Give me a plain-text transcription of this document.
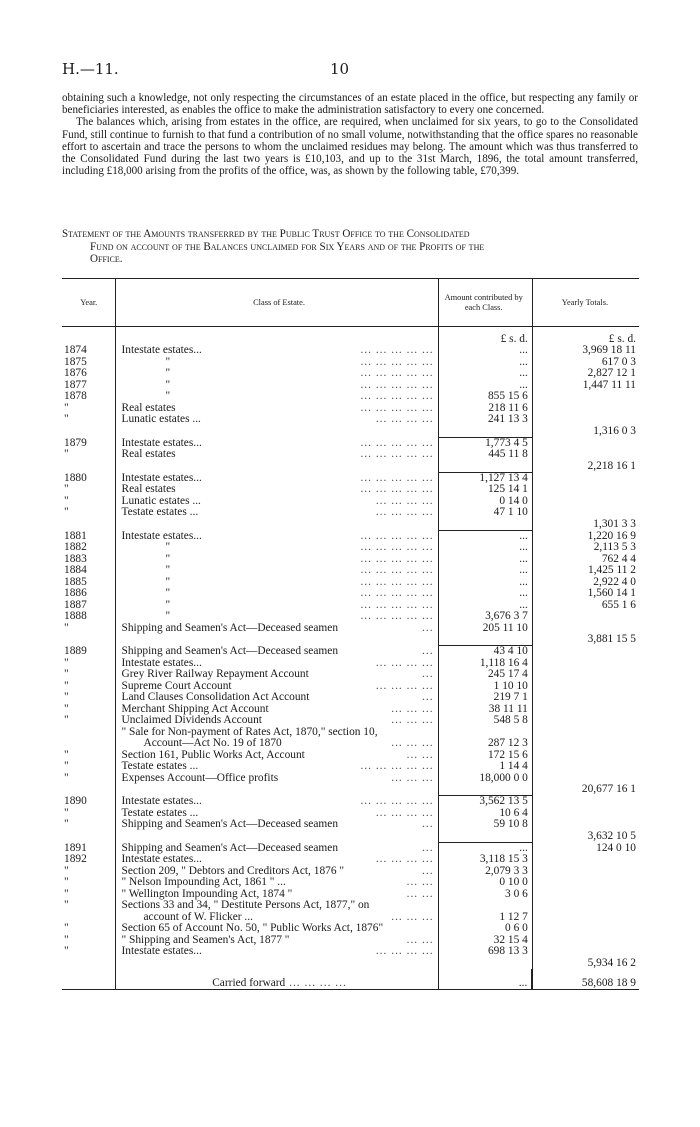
H.—11.	10

obtaining such a knowledge, not only respecting the circumstances of an estate placed in the office, but respecting any family or beneficiaries interested, as enables the office to make the administration satisfactory to every one concerned.

The balances which, arising from estates in the office, are required, when unclaimed for six years, to go to the Consolidated Fund, still continue to furnish to that fund a contribution of no small volume, notwithstanding that the office spares no reasonable effort to ascertain and trace the persons to whom the unclaimed residues may belong. The amount which was thus transferred to the Consolidated Fund during the last two years is £10,103, and up to the 31st March, 1896, the total amount transferred, including £18,000 arising from the profits of the office, was, as shown by the following table, £70,399.

Statement of the Amounts transferred by the Public Trust Office to the Consolidated
Fund on account of the Balances unclaimed for Six Years and of the Profits of the
Office.
Year.	Class of Estate.	Amount contributed by each Class.	Yearly Totals.
		£ s. d.	£ s. d.
1874	Intestate estates... ... ... ... ... ...	...	3,969 18 11
1875	" ... ... ... ... ...	...	617 0 3
1876	" ... ... ... ... ...	...	2,827 12 1
1877	" ... ... ... ... ...	...	1,447 11 11
1878	" ... ... ... ... ...	855 15 6	
"	Real estates ... ... ... ... ...	218 11 6	
"	Lunatic estates ... ... ... ... ...	241 13 3	
			1,316 0 3
1879	Intestate estates... ... ... ... ... ...	1,773 4 5	
"	Real estates ... ... ... ... ...	445 11 8	
			2,218 16 1
1880	Intestate estates... ... ... ... ... ...	1,127 13 4	
"	Real estates ... ... ... ... ...	125 14 1	
"	Lunatic estates ... ... ... ... ...	0 14 0	
"	Testate estates ... ... ... ... ...	47 1 10	
			1,301 3 3
1881	Intestate estates... ... ... ... ... ...	...	1,220 16 9
1882	" ... ... ... ... ...	...	2,113 5 3
1883	" ... ... ... ... ...	...	762 4 4
1884	" ... ... ... ... ...	...	1,425 11 2
1885	" ... ... ... ... ...	...	2,922 4 0
1886	" ... ... ... ... ...	...	1,560 14 1
1887	" ... ... ... ... ...	...	655 1 6
1888	" ... ... ... ... ...	3,676 3 7	
"	Shipping and Seamen's Act—Deceased seamen ...	205 11 10	
			3,881 15 5
1889	Shipping and Seamen's Act—Deceased seamen ...	43 4 10	
"	Intestate estates... ... ... ... ...	1,118 16 4	
"	Grey River Railway Repayment Account ...	245 17 4	
"	Supreme Court Account ... ... ... ...	1 10 10	
"	Land Clauses Consolidation Act Account ...	219 7 1	
"	Merchant Shipping Act Account ... ... ...	38 11 11	
"	Unclaimed Dividends Account ... ... ...	548 5 8	
	" Sale for Non-payment of Rates Act, 1870," section 10,		
	Account—Act No. 19 of 1870 ... ... ...	287 12 3	
"	Section 161, Public Works Act, Account ... ...	172 15 6	
"	Testate estates ... ... ... ... ... ...	1 14 4	
"	Expenses Account—Office profits ... ... ...	18,000 0 0	
			20,677 16 1
1890	Intestate estates... ... ... ... ... ...	3,562 13 5	
"	Testate estates ... ... ... ... ...	10 6 4	
"	Shipping and Seamen's Act—Deceased seamen ...	59 10 8	
			3,632 10 5
1891	Shipping and Seamen's Act—Deceased seamen ...	...	124 0 10
1892	Intestate estates... ... ... ... ...	3,118 15 3	
"	Section 209, " Debtors and Creditors Act, 1876 " ...	2,079 3 3	
"	" Nelson Impounding Act, 1861 " ... ... ...	0 10 0	
"	" Wellington Impounding Act, 1874 " ... ...	3 0 6	
"	Sections 33 and 34, " Destitute Persons Act, 1877," on		
	account of W. Flicker ... ... ... ...	1 12 7	
"	Section 65 of Account No. 50, " Public Works Act, 1876"	0 6 0	
"	" Shipping and Seamen's Act, 1877 " ... ...	32 15 4	
"	Intestate estates... ... ... ... ...	698 13 3	
			5,934 16 2
	Carried forward ... ... ... ...	...	58,608 18 9
